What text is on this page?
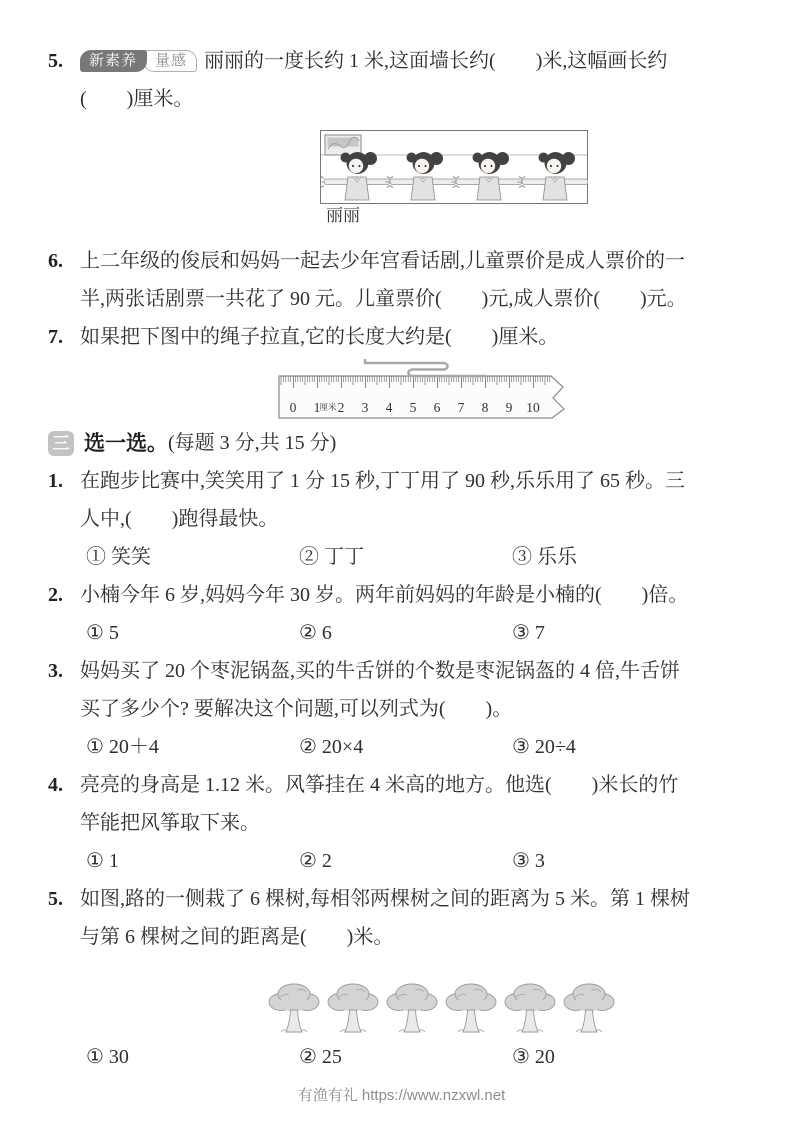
5.	新素养 量感 丽丽的一度长约 1 米,这面墙长约(　　)米,这幅画长约
(　　)厘米。
丽丽
6. 上二年级的俊辰和妈妈一起去少年宫看话剧,儿童票价是成人票价的一
半,两张话剧票一共花了 90 元。儿童票价(　　)元,成人票价(　　)元。
7. 如果把下图中的绳子拉直,它的长度大约是(　　)厘米。
0 1 厘米 2 3 4 5 6 7 8 9 10
三 选一选。 (每题 3 分,共 15 分)
1. 在跑步比赛中,笑笑用了 1 分 15 秒,丁丁用了 90 秒,乐乐用了 65 秒。三
人中,(　　)跑得最快。
① 笑笑	② 丁丁	③ 乐乐
2. 小楠今年 6 岁,妈妈今年 30 岁。两年前妈妈的年龄是小楠的(　　)倍。
① 5	② 6	③ 7
3. 妈妈买了 20 个枣泥锅盔,买的牛舌饼的个数是枣泥锅盔的 4 倍,牛舌饼
买了多少个? 要解决这个问题,可以列式为(　　)。
① 20＋4	② 20×4	③ 20÷4
4. 亮亮的身高是 1.12 米。风筝挂在 4 米高的地方。他选(　　)米长的竹
竿能把风筝取下来。
① 1	② 2	③ 3
5. 如图,路的一侧栽了 6 棵树,每相邻两棵树之间的距离为 5 米。第 1 棵树
与第 6 棵树之间的距离是(　　)米。
① 30	② 25	③ 20
有渔有礼 https://www.nzxwl.net
